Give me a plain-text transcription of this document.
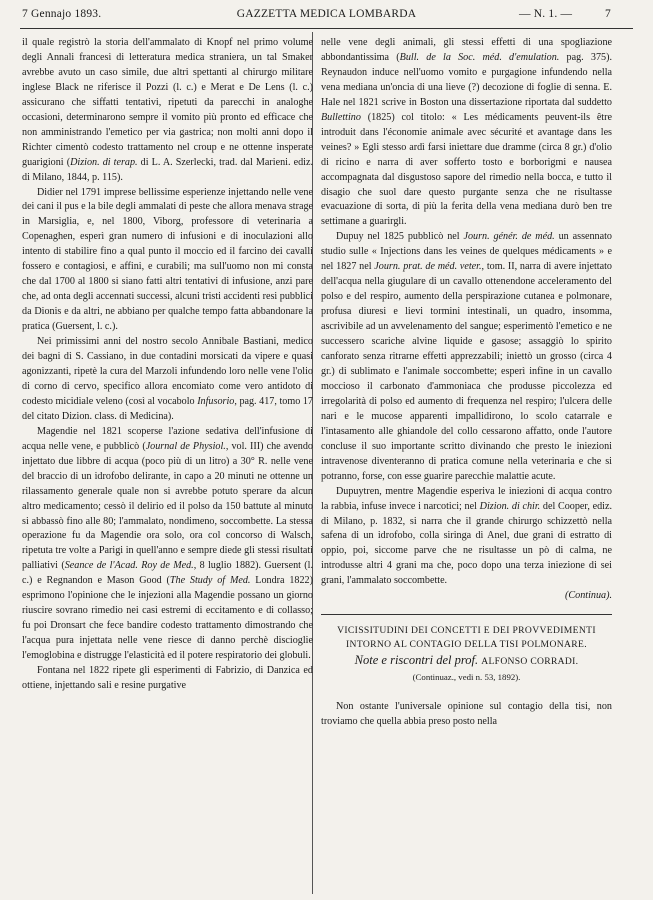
7 Gennajo 1893.	GAZZETTA MEDICA LOMBARDA	— N. 1. —	7

il quale registrò la storia dell'ammalato di Knopf nel primo volume degli Annali francesi di letteratura medica straniera, un tal Smaker avrebbe avuto un caso simile, due altri spettanti al chirurgo militare inglese Black ne riferisce il Pozzi (l. c.) e Merat e De Lens (l. c.) assicurano che siffatti tentativi, ripetuti da parecchi in analoghe occasioni, determinarono sempre il vomito più pronto ed efficace che non amministrando l'emetico per via gastrica; non molti anni dopo il Richter cimentò codesto trattamento nel croup e ne ottenne insperate guarigioni (Dizion. di terap. di L. A. Szerlecki, trad. dal Marieni. ediz. di Milano, 1844, p. 115).

Didier nel 1791 imprese bellissime esperienze injettando nelle vene dei cani il pus e la bile degli ammalati di peste che allora menava strage in Marsiglia, e, nel 1800, Viborg, professore di veterinaria a Copenaghen, esperì gran numero di infusioni e di inoculazioni allo intento di stabilire fino a qual punto il moccio ed il farcino dei cavalli fossero e contagiosi, e affini, e curabili; ma sull'uomo non mi consta che dal 1700 al 1800 si siano fatti altri tentativi di infusione, anzi pare che, ad onta degli accennati successi, alcuni tristi accidenti resi pubblici da Dionis e da altri, ne abbiano per qualche tempo fatta abbandonare la pratica (Guersent, l. c.).

Nei primissimi anni del nostro secolo Annibale Bastiani, medico dei bagni di S. Cassiano, in due contadini morsicati da vipere e quasi agonizzanti, ripetè la cura del Marzoli infundendo loro nelle vene l'olio di corno di cervo, specifico allora encomiato come vero antidoto di codesto micidiale veleno (così al vocabolo Infusorio, pag. 417, tomo 17 del citato Dizion. class. di Medicina).

Magendie nel 1821 scoperse l'azione sedativa dell'infusione di acqua nelle vene, e pubblicò (Journal de Physiol., vol. III) che avendo injettato due libbre di acqua (poco più di un litro) a 30° R. nelle vene del braccio di un idrofobo delirante, in capo a 20 minuti ne ottenne un rilassamento generale quale non si avrebbe potuto sperare da alcun altro medicamento; cessò il delirio ed il polso da 150 battute al minuto si abbassò fino alle 80; l'ammalato, nondimeno, soccombette. La stessa operazione fu da Magendie ora solo, ora col concorso di Walsch, ripetuta tre volte a Parigi in quell'anno e sempre diede gli stessi risultati palliativi (Seance de l'Acad. Roy de Med., 8 luglio 1882). Guersent (l. c.) e Regnandon e Mason Good (The Study of Med. Londra 1822) esprimono l'opinione che le injezioni alla Magendie possano un giorno riuscire sovrano rimedio nei casi estremi di eccitamento e di collasso; fu poi Dronsart che fece bandire codesto trattamento dimostrando che l'acqua pura injettata nelle vene riesce di danno perchè discioglie l'emoglobina e distrugge l'elasticità ed il potere respiratorio dei globuli.

Fontana nel 1822 ripete gli esperimenti di Fabrizio, di Danzica ed ottiene, injettando sali e resine purgative

nelle vene degli animali, gli stessi effetti di una spogliazione abbondantissima (Bull. de la Soc. méd. d'emulation. pag. 375). Reynaudon induce nell'uomo vomito e purgagione infundendo nella vena mediana un'oncia di una lieve (?) decozione di foglie di senna. E. Hale nel 1821 scrive in Boston una dissertazione riportata dal suddetto Bullettino (1825) col titolo: « Les médicaments peuvent-ils être introduit dans l'économie animale avec sécurité et avantage dans les veines? » Egli stesso ardì farsi iniettare due dramme (circa 8 gr.) d'olio di ricino e narra di aver sofferto tosto e borborigmi e nausea accompagnata dal disgustoso sapore del rimedio nella bocca, e tutto il disagio che suol dare questo purgante senza che ne risultasse evacuazione di sorta, di più la ferita della vena mediana durò ben tre settimane a guarirgli.

Dupuy nel 1825 pubblicò nel Journ. génér. de méd. un assennato studio sulle « Injections dans les veines de quelques médicaments » e nel 1827 nel Journ. prat. de méd. veter., tom. II, narra di avere injettato dell'acqua nella giugulare di un cavallo ottenendone acceleramento del polso e del respiro, aumento della perspirazione cutanea e polmonare, profusa diuresi e lievi tormini intestinali, un quadro, insomma, ascrivibile ad un avvelenamento del sangue; esperimentò l'emetico e ne successero scariche alvine liquide e gasose; assaggiò lo spirito canforato senza ritrarne effetti apprezzabili; iniettò un grosso (circa 4 gr.) di sublimato e l'animale soccombette; esperì infine in un cavallo moccioso il carbonato d'ammoniaca che produsse piccolezza ed irregolarità di polso ed aumento di frequenza nel respiro; l'ulcera delle nari e le mucose apparenti impallidirono, lo scolo catarrale e l'intasamento alle ghiandole del collo cessarono affatto, onde l'autore concluse il suo importante scritto divinando che presto le iniezioni intravenose diventeranno di pratica comune nella veterinaria e che si potranno, forse, con esse guarire parecchie malattie acute.

Dupuytren, mentre Magendie esperiva le iniezioni di acqua contro la rabbia, infuse invece i narcotici; nel Dizion. di chir. del Cooper, ediz. di Milano, p. 1832, si narra che il grande chirurgo schizzettò nella safena di un idrofobo, colla siringa di Anel, due grani di estratto di oppio, poi, siccome parve che ne risultasse un pò di calma, ne introdusse altri 4 grani ma che, poco dopo una terza iniezione di sei grani, l'ammalato soccombette.

(Continua).

VICISSITUDINI DEI CONCETTI E DEI PROVVEDIMENTI

INTORNO AL CONTAGIO DELLA TISI POLMONARE.

Note e riscontri del prof. ALFONSO CORRADI.

(Continuaz., vedi n. 53, 1892).

Non ostante l'universale opinione sul contagio della tisi, non troviamo che quella abbia preso posto nella
